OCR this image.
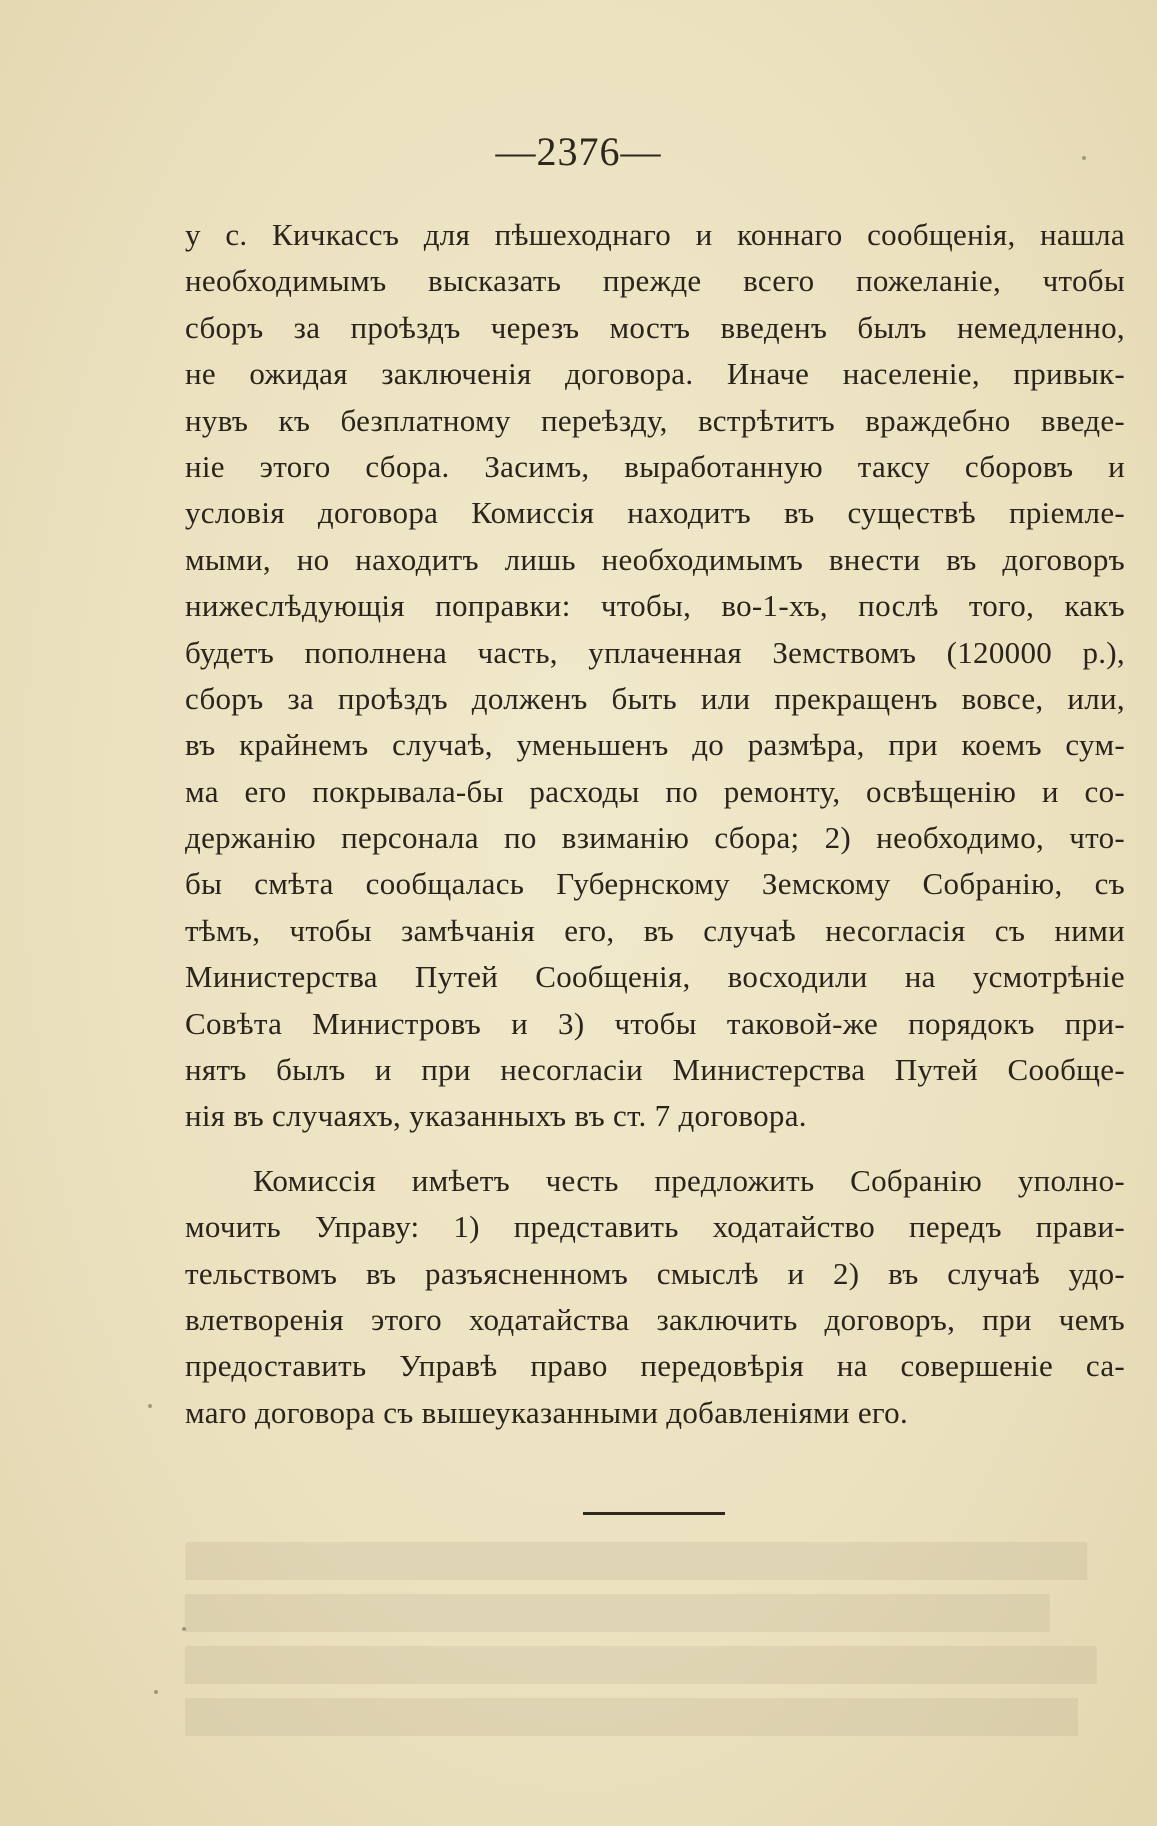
—2376—
у с. Кичкассъ для пѣшеходнаго и коннаго сообщенія, нашла
необходимымъ высказать прежде всего пожеланіе, чтобы
сборъ за проѣздъ черезъ мостъ введенъ былъ немедленно,
не ожидая заключенія договора. Иначе населеніе, привык-
нувъ къ безплатному переѣзду, встрѣтитъ враждебно введе-
ніе этого сбора. Засимъ, выработанную таксу сборовъ и
условія договора Комиссія находитъ въ существѣ пріемле-
мыми, но находитъ лишь необходимымъ внести въ договоръ
нижеслѣдующія поправки: чтобы, во-1-хъ, послѣ того, какъ
будетъ пополнена часть, уплаченная Земствомъ (120000 р.),
сборъ за проѣздъ долженъ быть или прекращенъ вовсе, или,
въ крайнемъ случаѣ, уменьшенъ до размѣра, при коемъ сум-
ма его покрывала-бы расходы по ремонту, освѣщенію и со-
держанію персонала по взиманію сбора; 2) необходимо, что-
бы смѣта сообщалась Губернскому Земскому Собранію, съ
тѣмъ, чтобы замѣчанія его, въ случаѣ несогласія съ ними
Министерства Путей Сообщенія, восходили на усмотрѣніе
Совѣта Министровъ и 3) чтобы таковой-же порядокъ при-
нятъ былъ и при несогласіи Министерства Путей Сообще-
нія въ случаяхъ, указанныхъ въ ст. 7 договора.
Комиссія имѣетъ честь предложить Собранію уполно-
мочить Управу: 1) представить ходатайство передъ прави-
тельствомъ въ разъясненномъ смыслѣ и 2) въ случаѣ удо-
влетворенія этого ходатайства заключить договоръ, при чемъ
предоставить Управѣ право передовѣрія на совершеніе са-
маго договора съ вышеуказанными добавленіями его.
